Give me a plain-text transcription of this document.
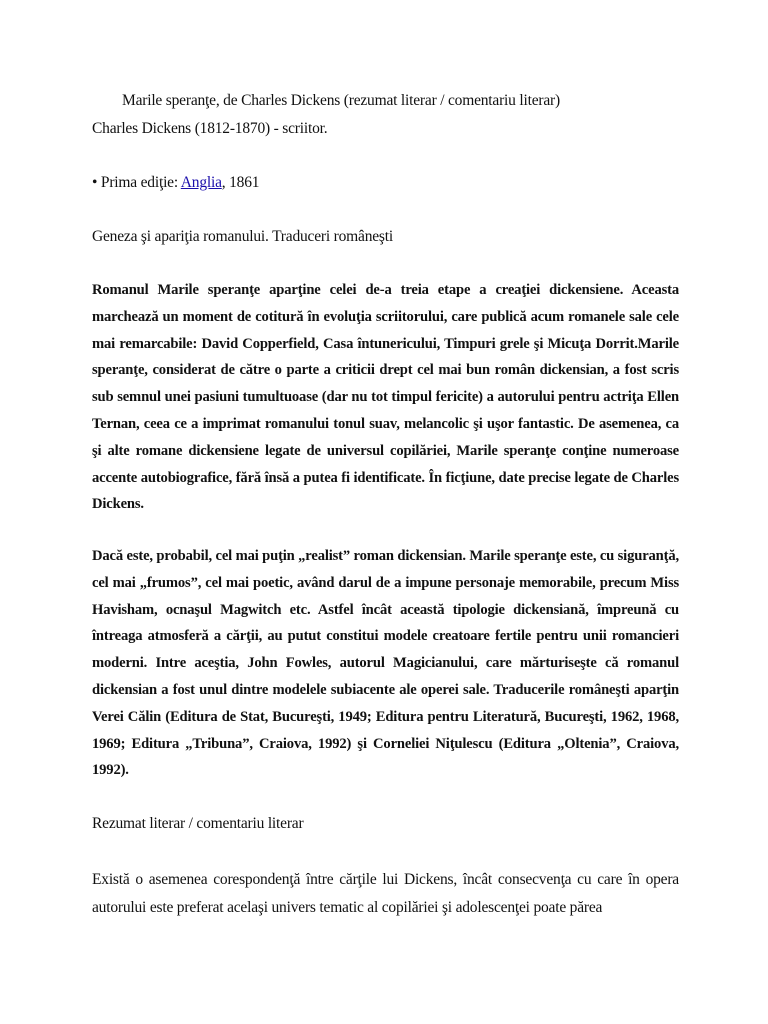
Marile speranţe, de Charles Dickens (rezumat literar / comentariu literar)
Charles Dickens (1812-1870) - scriitor.
• Prima ediţie: Anglia, 1861
Geneza şi apariţia romanului. Traduceri româneşti
Romanul Marile speranţe aparţine celei de-a treia etape a creaţiei dickensiene. Aceasta marchează un moment de cotitură în evoluţia scriitorului, care publică acum romanele sale cele mai remarcabile: David Copperfield, Casa întunericului, Timpuri grele şi Micuţa Dorrit.Marile speranţe, considerat de către o parte a criticii drept cel mai bun român dickensian, a fost scris sub semnul unei pasiuni tumultuoase (dar nu tot timpul fericite) a autorului pentru actriţa Ellen Ternan, ceea ce a imprimat romanului tonul suav, melancolic şi uşor fantastic. De asemenea, ca şi alte romane dickensiene legate de universul copilăriei, Marile speranţe conţine numeroase accente autobiografice, fără însă a putea fi identificate. În ficţiune, date precise legate de Charles Dickens.
Dacă este, probabil, cel mai puţin „realist” roman dickensian. Marile speranţe este, cu siguranţă, cel mai „frumos”, cel mai poetic, având darul de a impune personaje memorabile, precum Miss Havisham, ocnaşul Magwitch etc. Astfel încât această tipologie dickensiană, împreună cu întreaga atmosferă a cărţii, au putut constitui modele creatoare fertile pentru unii romancieri moderni. Intre aceştia, John Fowles, autorul Magicianului, care mărturiseşte că romanul dickensian a fost unul dintre modelele subiacente ale operei sale. Traducerile româneşti aparţin Verei Călin (Editura de Stat, Bucureşti, 1949; Editura pentru Literatură, Bucureşti, 1962, 1968, 1969; Editura „Tribuna”, Craiova, 1992) şi Corneliei Niţulescu (Editura „Oltenia”, Craiova, 1992).
Rezumat literar / comentariu literar
Există o asemenea corespondenţă între cărţile lui Dickens, încât consecvenţa cu care în opera autorului este preferat acelaşi univers tematic al copilăriei şi adolescenţei poate părea
